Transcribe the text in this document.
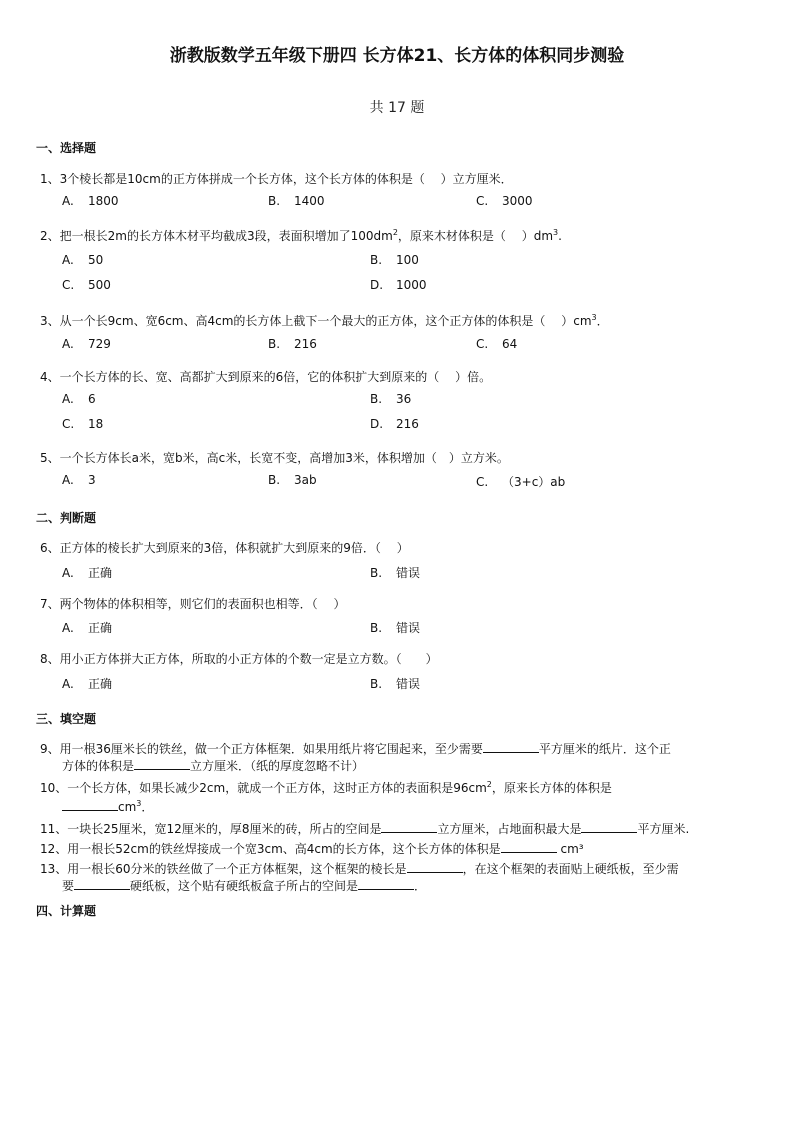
浙教版数学五年级下册四 长方体21、长方体的体积同步测验
共 17 题
一、选择题
1、3个棱长都是10cm的正方体拼成一个长方体，这个长方体的体积是（　 ）立方厘米．
A. 1800	B. 1400	C. 3000
2、把一根长2m的长方体木材平均截成3段，表面积增加了$100dm^2$，原来木材体积是（　 ）$dm^3$.
A. 50	B. 100
C. 500	D. 1000
3、从一个长9cm、宽6cm、高4cm的长方体上截下一个最大的正方体，这个正方体的体积是（　 ）$cm^3$．
A. 729	B. 216	C. 64
4、一个长方体的长、宽、高都扩大到原来的6倍，它的体积扩大到原来的（　 ）倍。
A. 6	B. 36
C. 18	D. 216
5、一个长方体长a米，宽b米，高c米，长宽不变，高增加3米，体积增加（　）立方米。
A. 3	B. 3ab	C. （3+c）ab
二、判断题
6、正方体的棱长扩大到原来的3倍，体积就扩大到原来的9倍．（　 ）
A. 正确	B. 错误
7、两个物体的体积相等，则它们的表面积也相等．（　 ）
A. 正确	B. 错误
8、用小正方体拼大正方体，所取的小正方体的个数一定是立方数。（　　）
A. 正确	B. 错误
三、填空题
9、用一根36厘米长的铁丝，做一个正方体框架．如果用纸片将它围起来，至少需要	平方厘米的纸片．这个正
方体的体积是	立方厘米．（纸的厚度忽略不计）
10、一个长方体，如果长减少2cm，就成一个正方体，这时正方体的表面积是$96cm^2$，原来长方体的体积是
$cm^3$．
11、一块长25厘米，宽12厘米的，厚8厘米的砖，所占的空间是	立方厘米，占地面积最大是	平方厘米.
12、用一根长52cm的铁丝焊接成一个宽3cm、高4cm的长方体，这个长方体的体积是	cm³
13、用一根长60分米的铁丝做了一个正方体框架，这个框架的棱长是	，在这个框架的表面贴上硬纸板，至少需
要	硬纸板，这个贴有硬纸板盒子所占的空间是	．
四、计算题
